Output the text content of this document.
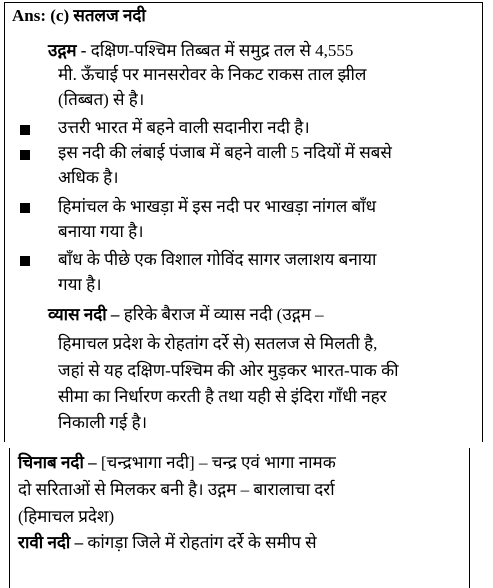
Ans: (c) सतलज नदी
उद्गम - दक्षिण-पश्चिम तिब्बत में समुद्र तल से 4,555
मी. ऊँचाई पर मानसरोवर के निकट राकस ताल झील
(तिब्बत) से है।
उत्तरी भारत में बहने वाली सदानीरा नदी है।
इस नदी की लंबाई पंजाब में बहने वाली 5 नदियों में सबसे
अधिक है।
हिमांचल के भाखड़ा में इस नदी पर भाखड़ा नांगल बाँध
बनाया गया है।
बाँध के पीछे एक विशाल गोविंद सागर जलाशय बनाया
गया है।
व्यास नदी – हरिके बैराज में व्यास नदी (उद्गम –
हिमाचल प्रदेश के रोहतांग दर्रे से) सतलज से मिलती है,
जहां से यह दक्षिण-पश्चिम की ओर मुड़कर भारत-पाक की
सीमा का निर्धारण करती है तथा यही से इंदिरा गाँधी नहर
निकाली गई है।
चिनाब नदी – [चन्द्रभागा नदी] – चन्द्र एवं भागा नामक
दो सरिताओं से मिलकर बनी है। उद्गम – बारालाचा दर्रा
(हिमाचल प्रदेश)
रावी नदी – कांगड़ा जिले में रोहतांग दर्रे के समीप से
